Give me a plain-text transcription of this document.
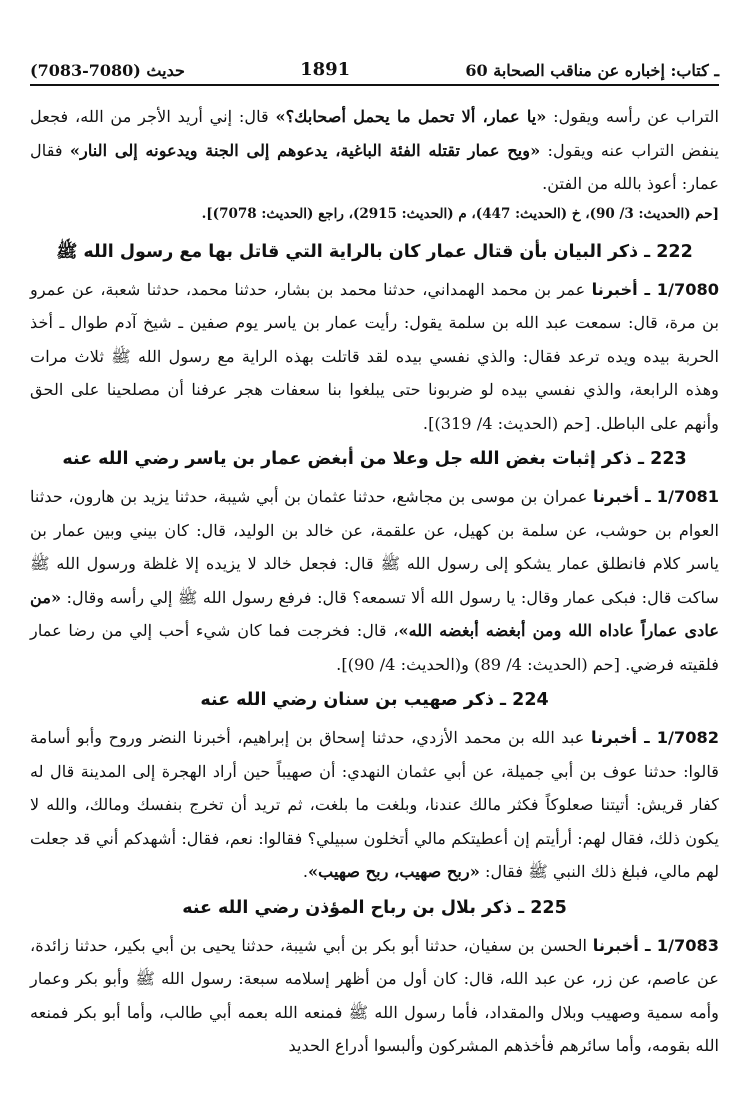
حديث (7080-7083)	1891	60 ـ كتاب: إخباره عن مناقب الصحابة

التراب عن رأسه ويقول: «يا عمار، ألا تحمل ما يحمل أصحابك؟» قال: إني أريد الأجر من الله، فجعل ينفض التراب عنه ويقول: «ويح عمار تقتله الفئة الباغية، يدعوهم إلى الجنة ويدعونه إلى النار» فقال عمار: أعوذ بالله من الفتن.

[حم (الحديث: 3/ 90)، خ (الحديث: 447)، م (الحديث: 2915)، راجع (الحديث: 7078)].

222 ـ ذكر البيان بأن قتال عمار كان بالراية التي قاتل بها مع رسول الله ﷺ

1/7080 ـ أخبرنا عمر بن محمد الهمداني، حدثنا محمد بن بشار، حدثنا محمد، حدثنا شعبة، عن عمرو بن مرة، قال: سمعت عبد الله بن سلمة يقول: رأيت عمار بن ياسر يوم صفين ـ شيخ آدم طوال ـ أخذ الحربة بيده ويده ترعد فقال: والذي نفسي بيده لقد قاتلت بهذه الراية مع رسول الله ﷺ ثلاث مرات وهذه الرابعة، والذي نفسي بيده لو ضربونا حتى يبلغوا بنا سعفات هجر عرفنا أن مصلحينا على الحق وأنهم على الباطل. [حم (الحديث: 4/ 319)].

223 ـ ذكر إثبات بغض الله جل وعلا من أبغض عمار بن ياسر رضي الله عنه

1/7081 ـ أخبرنا عمران بن موسى بن مجاشع، حدثنا عثمان بن أبي شيبة، حدثنا يزيد بن هارون، حدثنا العوام بن حوشب، عن سلمة بن كهيل، عن علقمة، عن خالد بن الوليد، قال: كان بيني وبين عمار بن ياسر كلام فانطلق عمار يشكو إلى رسول الله ﷺ قال: فجعل خالد لا يزيده إلا غلظة ورسول الله ﷺ ساكت قال: فبكى عمار وقال: يا رسول الله ألا تسمعه؟ قال: فرفع رسول الله ﷺ إلي رأسه وقال: «من عادى عماراً عاداه الله ومن أبغضه أبغضه الله»، قال: فخرجت فما كان شيء أحب إلي من رضا عمار فلقيته فرضي. [حم (الحديث: 4/ 89) و(الحديث: 4/ 90)].

224 ـ ذكر صهيب بن سنان رضي الله عنه

1/7082 ـ أخبرنا عبد الله بن محمد الأزدي، حدثنا إسحاق بن إبراهيم، أخبرنا النضر وروح وأبو أسامة قالوا: حدثنا عوف بن أبي جميلة، عن أبي عثمان النهدي: أن صهيباً حين أراد الهجرة إلى المدينة قال له كفار قريش: أتيتنا صعلوكاً فكثر مالك عندنا، وبلغت ما بلغت، ثم تريد أن تخرج بنفسك ومالك، والله لا يكون ذلك، فقال لهم: أرأيتم إن أعطيتكم مالي أتخلون سبيلي؟ فقالوا: نعم، فقال: أشهدكم أني قد جعلت لهم مالي، فبلغ ذلك النبي ﷺ فقال: «ربح صهيب، ربح صهيب».

225 ـ ذكر بلال بن رباح المؤذن رضي الله عنه

1/7083 ـ أخبرنا الحسن بن سفيان، حدثنا أبو بكر بن أبي شيبة، حدثنا يحيى بن أبي بكير، حدثنا زائدة، عن عاصم، عن زر، عن عبد الله، قال: كان أول من أظهر إسلامه سبعة: رسول الله ﷺ وأبو بكر وعمار وأمه سمية وصهيب وبلال والمقداد، فأما رسول الله ﷺ فمنعه الله بعمه أبي طالب، وأما أبو بكر فمنعه الله بقومه، وأما سائرهم فأخذهم المشركون وألبسوا أدراع الحديد
